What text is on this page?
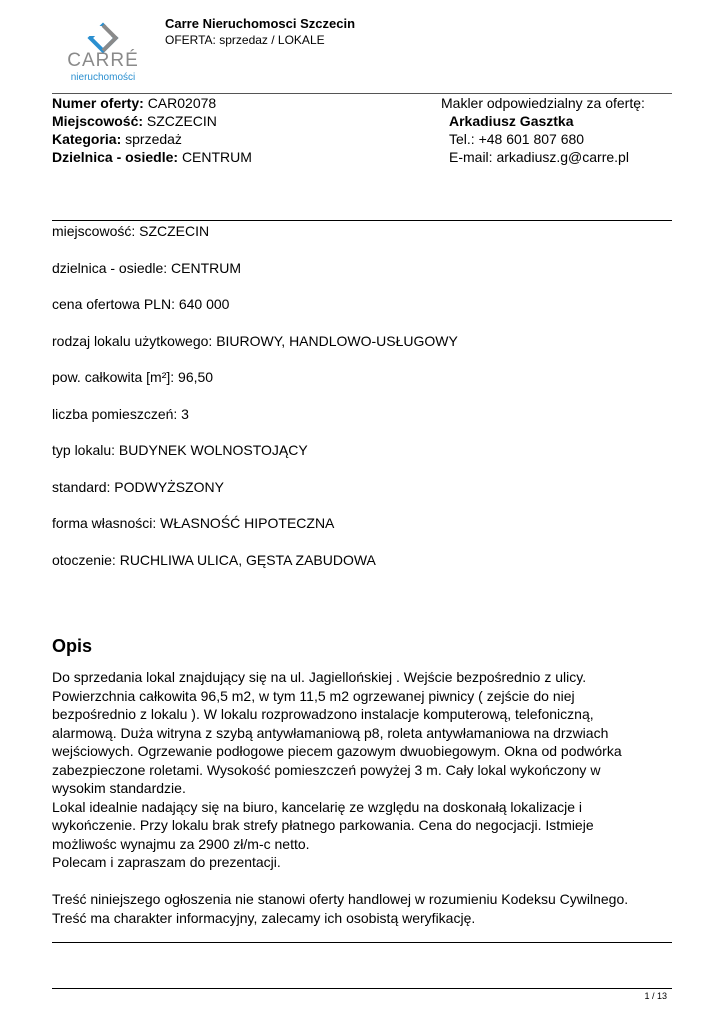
CARRÉ
nieruchomości
Carre Nieruchomosci Szczecin
OFERTA: sprzedaz / LOKALE
Numer oferty: CAR02078
Miejscowość: SZCZECIN
Kategoria: sprzedaż
Dzielnica - osiedle: CENTRUM
Makler odpowiedzialny za ofertę:
Arkadiusz Gasztka
Tel.: +48 601 807 680
E-mail: arkadiusz.g@carre.pl
miejscowość: SZCZECIN
dzielnica - osiedle: CENTRUM
cena ofertowa PLN: 640 000
rodzaj lokalu użytkowego: BIUROWY, HANDLOWO-USŁUGOWY
pow. całkowita [m²]: 96,50
liczba pomieszczeń: 3
typ lokalu: BUDYNEK WOLNOSTOJĄCY
standard: PODWYŻSZONY
forma własności: WŁASNOŚĆ HIPOTECZNA
otoczenie: RUCHLIWA ULICA, GĘSTA ZABUDOWA
Opis

Do sprzedania lokal znajdujący się na ul. Jagiellońskiej . Wejście bezpośrednio z ulicy.

Powierzchnia całkowita 96,5 m2, w tym 11,5 m2 ogrzewanej piwnicy ( zejście do niej

bezpośrednio z lokalu ). W lokalu rozprowadzono instalacje komputerową, telefoniczną,

alarmową. Duża witryna z szybą antywłamaniową p8, roleta antywłamaniowa na drzwiach

wejściowych. Ogrzewanie podłogowe piecem gazowym dwuobiegowym. Okna od podwórka

zabezpieczone roletami. Wysokość pomieszczeń powyżej 3 m. Cały lokal wykończony w

wysokim standardzie.

Lokal idealnie nadający się na biuro, kancelarię ze względu na doskonałą lokalizacje i

wykończenie. Przy lokalu brak strefy płatnego parkowania. Cena do negocjacji. Istmieje

możliwośc wynajmu za 2900 zł/m-c netto.

Polecam i zapraszam do prezentacji.

Treść niniejszego ogłoszenia nie stanowi oferty handlowej w rozumieniu Kodeksu Cywilnego.

Treść ma charakter informacyjny, zalecamy ich osobistą weryfikację.

1 / 13
